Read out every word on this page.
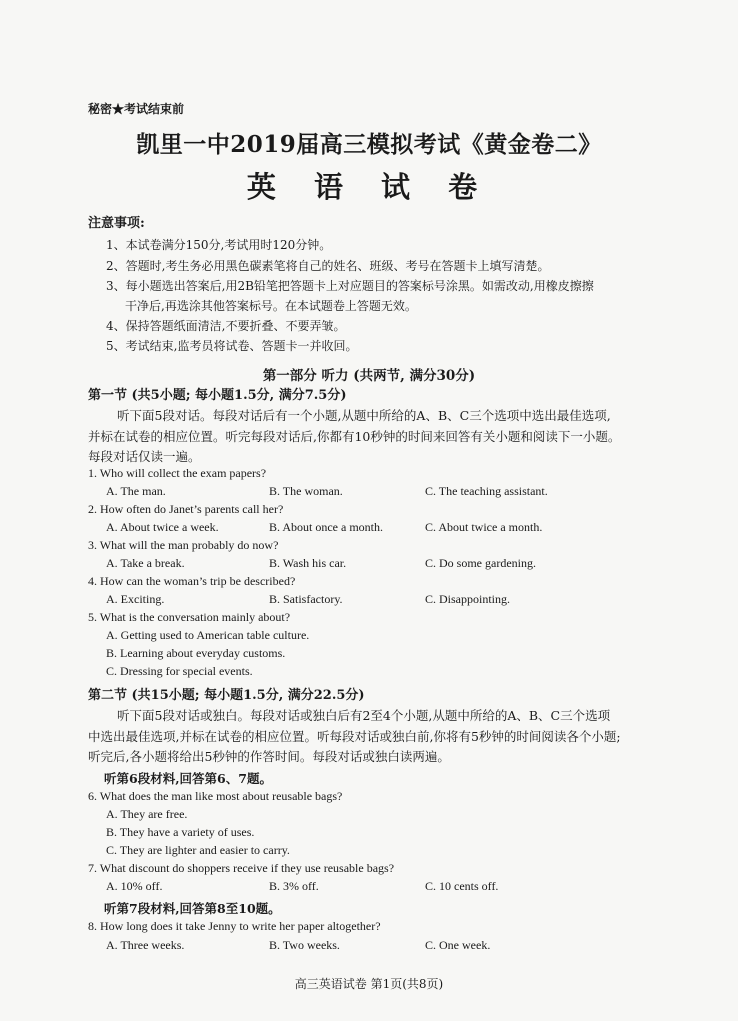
秘密★考试结束前
凯里一中2019届高三模拟考试《黄金卷二》
英 语 试 卷
注意事项:
1、本试卷满分150分,考试用时120分钟。
2、答题时,考生务必用黑色碳素笔将自己的姓名、班级、考号在答题卡上填写清楚。
3、每小题选出答案后,用2B铅笔把答题卡上对应题目的答案标号涂黑。如需改动,用橡皮擦擦
干净后,再选涂其他答案标号。在本试题卷上答题无效。
4、保持答题纸面清洁,不要折叠、不要弄皱。
5、考试结束,监考员将试卷、答题卡一并收回。
第一部分 听力 (共两节, 满分30分)
第一节 (共5小题; 每小题1.5分, 满分7.5分)
听下面5段对话。每段对话后有一个小题,从题中所给的A、B、C三个选项中选出最佳选项,
并标在试卷的相应位置。听完每段对话后,你都有10秒钟的时间来回答有关小题和阅读下一小题。
每段对话仅读一遍。
1. Who will collect the exam papers?
A. The man.	B. The woman.	C. The teaching assistant.
2. How often do Janet’s parents call her?
A. About twice a week.	B. About once a month.	C. About twice a month.
3. What will the man probably do now?
A. Take a break.	B. Wash his car.	C. Do some gardening.
4. How can the woman’s trip be described?
A. Exciting.	B. Satisfactory.	C. Disappointing.
5. What is the conversation mainly about?
A. Getting used to American table culture.
B. Learning about everyday customs.
C. Dressing for special events.
第二节 (共15小题; 每小题1.5分, 满分22.5分)
听下面5段对话或独白。每段对话或独白后有2至4个小题,从题中所给的A、B、C三个选项
中选出最佳选项,并标在试卷的相应位置。听每段对话或独白前,你将有5秒钟的时间阅读各个小题;
听完后,各小题将给出5秒钟的作答时间。每段对话或独白读两遍。
听第6段材料,回答第6、7题。
6. What does the man like most about reusable bags?
A. They are free.
B. They have a variety of uses.
C. They are lighter and easier to carry.
7. What discount do shoppers receive if they use reusable bags?
A. 10% off.	B. 3% off.	C. 10 cents off.
听第7段材料,回答第8至10题。
8. How long does it take Jenny to write her paper altogether?
A. Three weeks.	B. Two weeks.	C. One week.
高三英语试卷 第1页(共8页)
